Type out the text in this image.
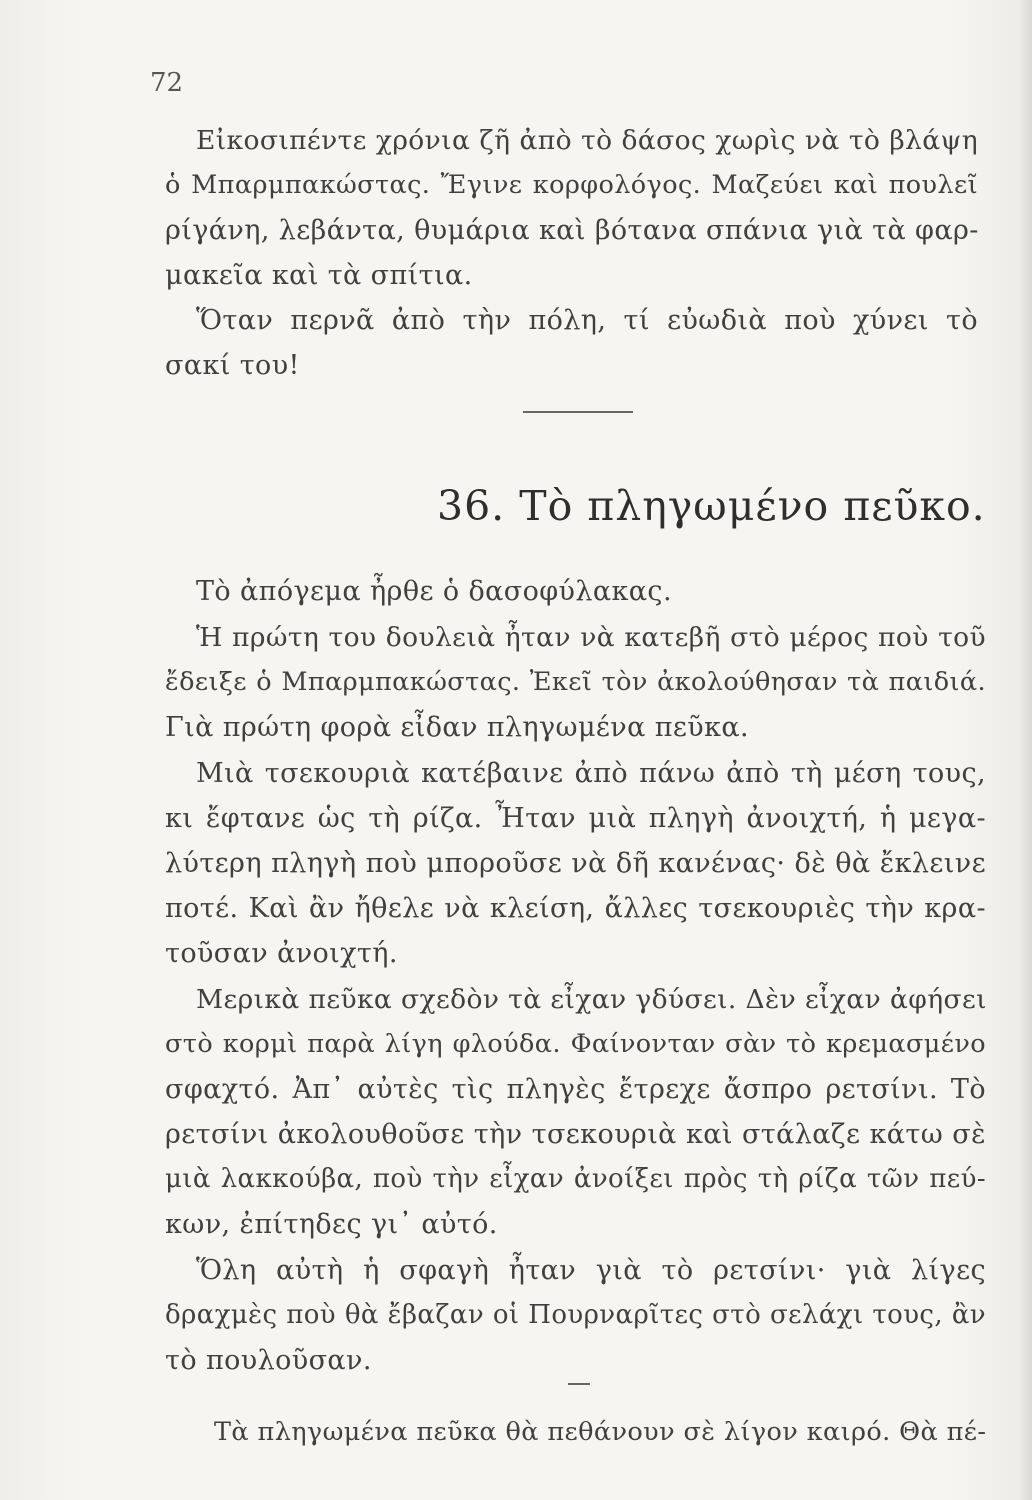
72
Εἰκοσιπέντε χρόνια ζῆ ἀπὸ τὸ δάσος χωρὶς νὰ τὸ βλάψη
ὁ Μπαρμπακώστας. Ἔγινε κορφολόγος. Μαζεύει καὶ πουλεῖ
ρίγάνη, λεβάντα, θυμάρια καὶ βότανα σπάνια γιὰ τὰ φαρ-
μακεῖα καὶ τὰ σπίτια.
Ὅταν περνᾶ ἀπὸ τὴν πόλη, τί εὐωδιὰ ποὺ χύνει τὸ
σακί του!
36. Τὸ πληγωμένο πεῦκο.
Τὸ ἀπόγεμα ἦρθε ὁ δασοφύλακας.
Ἡ πρώτη του δουλειὰ ἦταν νὰ κατεβῆ στὸ μέρος ποὺ τοῦ
ἔδειξε ὁ Μπαρμπακώστας. Ἐκεῖ τὸν ἀκολούθησαν τὰ παιδιά.
Γιὰ πρώτη φορὰ εἶδαν πληγωμένα πεῦκα.
Μιὰ τσεκουριὰ κατέβαινε ἀπὸ πάνω ἀπὸ τὴ μέση τους,
κι ἔφτανε ὡς τὴ ρίζα. Ἦταν μιὰ πληγὴ ἀνοιχτή, ἡ μεγα-
λύτερη πληγὴ ποὺ μποροῦσε νὰ δῆ κανένας· δὲ θὰ ἔκλεινε
ποτέ. Καὶ ἂν ἤθελε νὰ κλείση, ἄλλες τσεκουριὲς τὴν κρα-
τοῦσαν ἀνοιχτή.
Μερικὰ πεῦκα σχεδὸν τὰ εἶχαν γδύσει. Δὲν εἶχαν ἀφήσει
στὸ κορμὶ παρὰ λίγη φλούδα. Φαίνονταν σὰν τὸ κρεμασμένο
σφαχτό. Ἀπ᾿ αὐτὲς τὶς πληγὲς ἔτρεχε ἄσπρο ρετσίνι. Τὸ
ρετσίνι ἀκολουθοῦσε τὴν τσεκουριὰ καὶ στάλαζε κάτω σὲ
μιὰ λακκούβα, ποὺ τὴν εἶχαν ἀνοίξει πρὸς τὴ ρίζα τῶν πεύ-
κων, ἐπίτηδες γι᾿ αὐτό.
Ὅλη αὐτὴ ἡ σφαγὴ ἦταν γιὰ τὸ ρετσίνι· γιὰ λίγες
δραχμὲς ποὺ θὰ ἔβαζαν οἱ Πουρναρῖτες στὸ σελάχι τους, ἂν
τὸ πουλοῦσαν.
Τὰ πληγωμένα πεῦκα θὰ πεθάνουν σὲ λίγον καιρό. Θὰ πέ-
